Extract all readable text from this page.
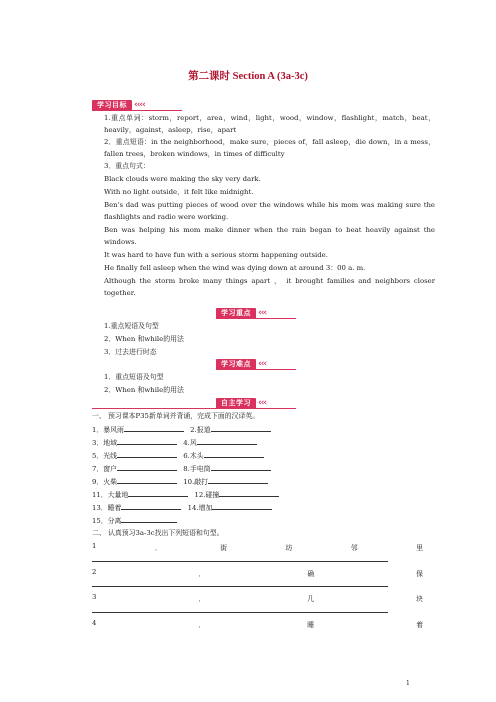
第二课时 Section A (3a-3c)
学习目标 ‹‹‹‹
1.重点单词：storm，report，area，wind，light，wood，window，flashlight，match，beat，heavily，against，asleep，rise，apart
2．重点短语：in the neighborhood，make sure，pieces of，fall asleep，die down，in a mess，fallen trees，broken windows，in times of difficulty
3．重点句式：
Black clouds were making the sky very dark.
With no light outside，it felt like midnight.
Ben's dad was putting pieces of wood over the windows while his mom was making sure the flashlights and radio were working.
Ben was helping his mom make dinner when the rain began to beat heavily against the windows.
It was hard to have fun with a serious storm happening outside.
He finally fell asleep when the wind was dying down at around 3：00 a. m.
Although the storm broke many things apart ， it brought families and neighbors closer together.
学习重点 ‹‹‹
1.重点短语及句型
2．When 和while的用法
3．过去进行时态
学习难点 ‹‹‹
1．重点短语及句型
2．When 和while的用法
自主学习 ‹‹‹
一、 预习课本P35新单词并背诵，完成下面的汉译英。
1．暴风雨	2.报道
3．地域	4.风
5．光线	6.木头
7．窗户	8.手电筒
9．火柴	10.敲打
11．大量地	12.碰撞
13．睡着	14.增加
15．分离
二、 认真预习3a-3c找出下列短语和句型。
1	．	街	坊	邻	里
2	．	确	保
3	．	几	块
4	．	睡	着
1
